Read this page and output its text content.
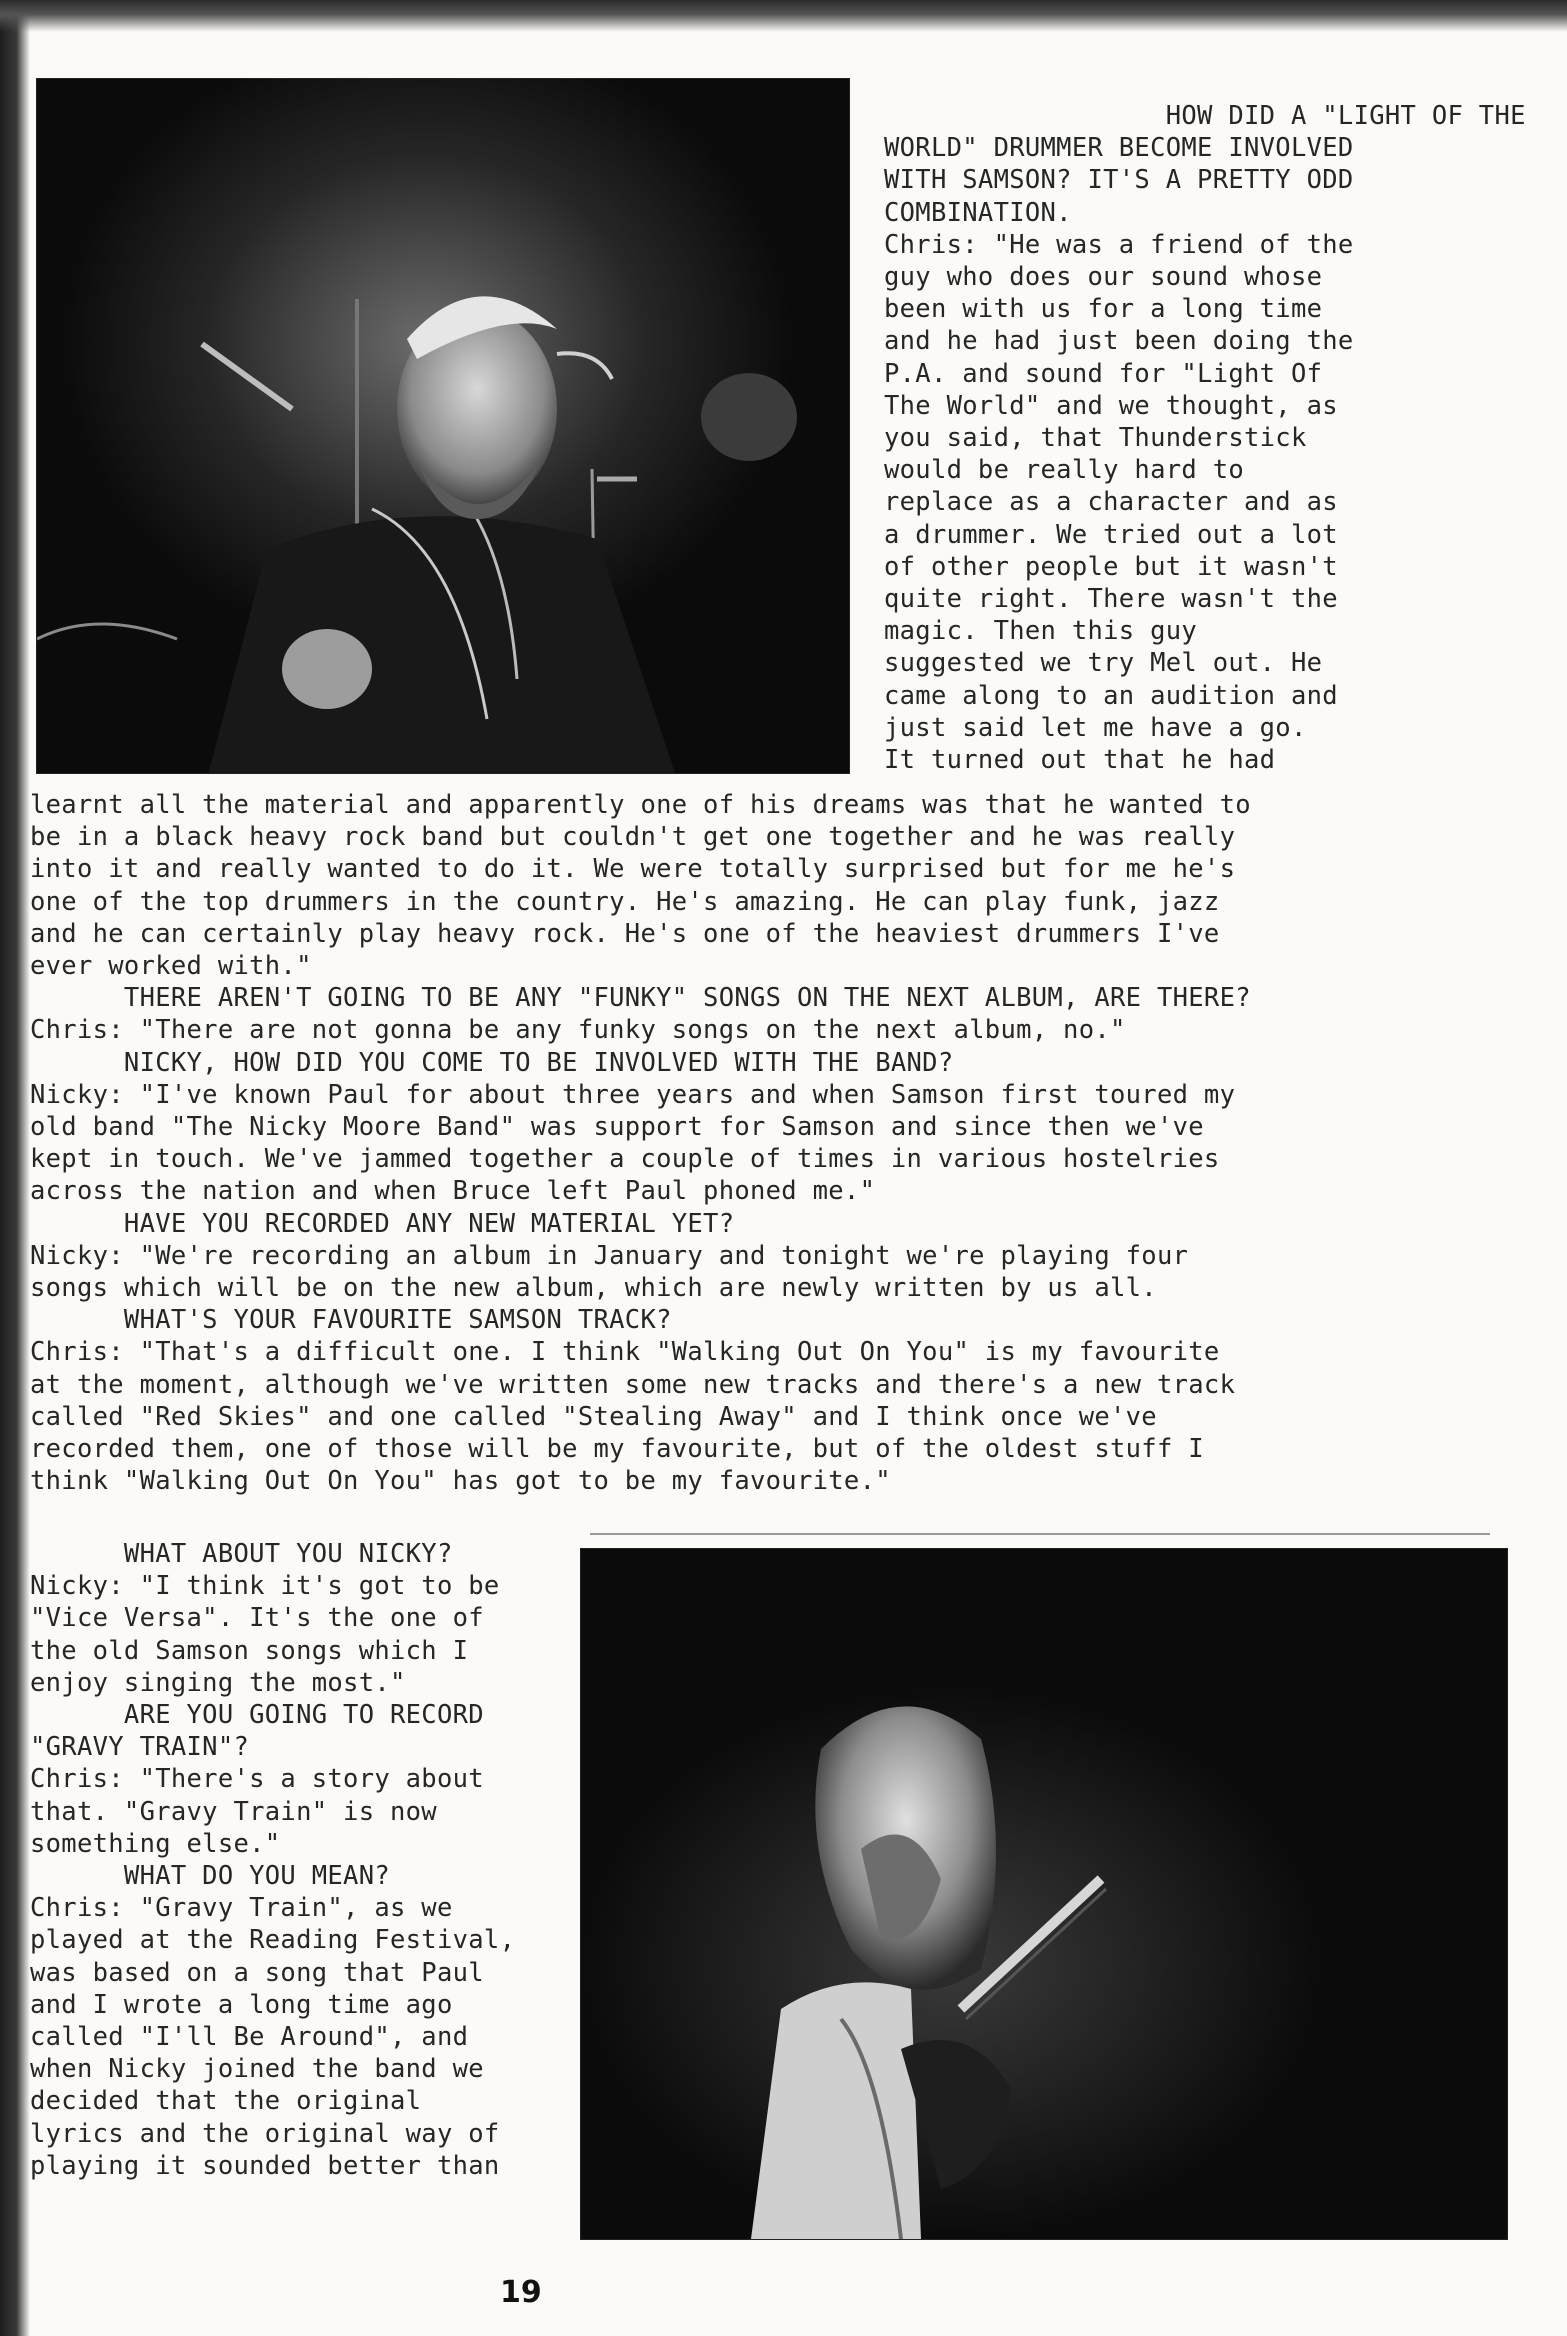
HOW DID A "LIGHT OF THE
WORLD" DRUMMER BECOME INVOLVED
WITH SAMSON? IT'S A PRETTY ODD
COMBINATION.
Chris: "He was a friend of the
guy who does our sound whose
been with us for a long time
and he had just been doing the
P.A. and sound for "Light Of
The World" and we thought, as
you said, that Thunderstick
would be really hard to
replace as a character and as
a drummer. We tried out a lot
of other people but it wasn't
quite right. There wasn't the
magic. Then this guy
suggested we try Mel out. He
came along to an audition and
just said let me have a go.
It turned out that he had
learnt all the material and apparently one of his dreams was that he wanted to
be in a black heavy rock band but couldn't get one together and he was really
into it and really wanted to do it. We were totally surprised but for me he's
one of the top drummers in the country. He's amazing. He can play funk, jazz
and he can certainly play heavy rock. He's one of the heaviest drummers I've
ever worked with."
THERE AREN'T GOING TO BE ANY "FUNKY" SONGS ON THE NEXT ALBUM, ARE THERE?
Chris: "There are not gonna be any funky songs on the next album, no."
NICKY, HOW DID YOU COME TO BE INVOLVED WITH THE BAND?
Nicky: "I've known Paul for about three years and when Samson first toured my
old band "The Nicky Moore Band" was support for Samson and since then we've
kept in touch. We've jammed together a couple of times in various hostelries
across the nation and when Bruce left Paul phoned me."
HAVE YOU RECORDED ANY NEW MATERIAL YET?
Nicky: "We're recording an album in January and tonight we're playing four
songs which will be on the new album, which are newly written by us all.
WHAT'S YOUR FAVOURITE SAMSON TRACK?
Chris: "That's a difficult one. I think "Walking Out On You" is my favourite
at the moment, although we've written some new tracks and there's a new track
called "Red Skies" and one called "Stealing Away" and I think once we've
recorded them, one of those will be my favourite, but of the oldest stuff I
think "Walking Out On You" has got to be my favourite."
WHAT ABOUT YOU NICKY?
Nicky: "I think it's got to be
"Vice Versa". It's the one of
the old Samson songs which I
enjoy singing the most."
ARE YOU GOING TO RECORD
"GRAVY TRAIN"?
Chris: "There's a story about
that. "Gravy Train" is now
something else."
WHAT DO YOU MEAN?
Chris: "Gravy Train", as we
played at the Reading Festival,
was based on a song that Paul
and I wrote a long time ago
called "I'll Be Around", and
when Nicky joined the band we
decided that the original
lyrics and the original way of
playing it sounded better than
19
